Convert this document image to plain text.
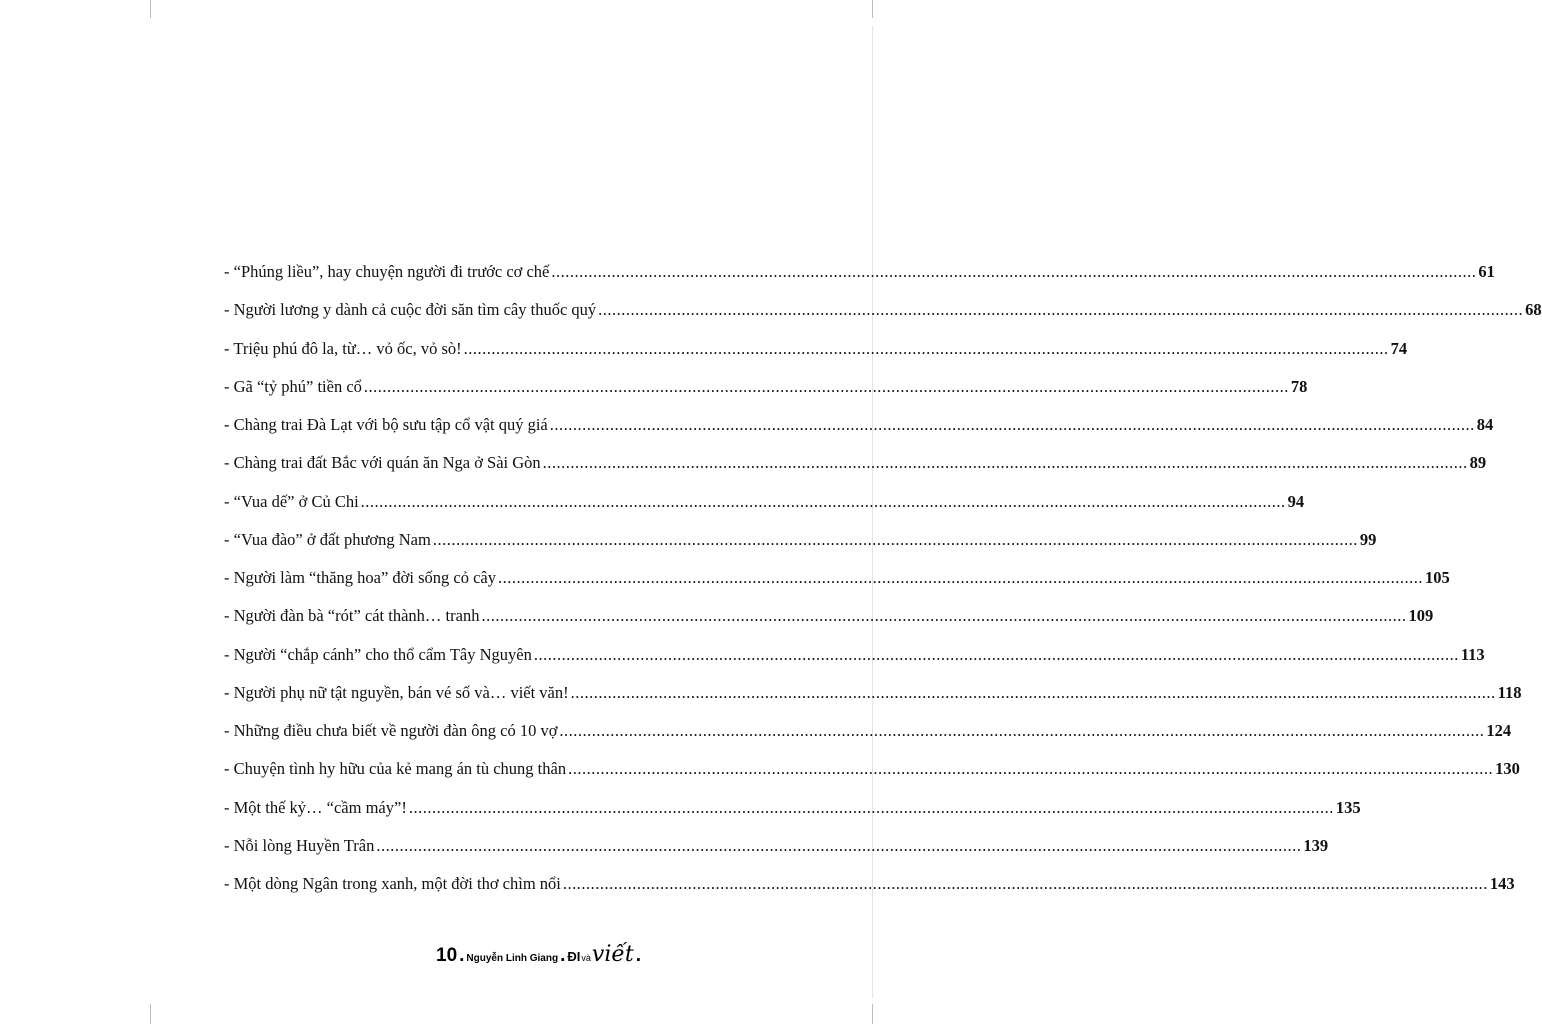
- “Phúng liều”, hay chuyện người đi trước cơ chế ........................................................................................................................................................................................................ 61
- Người lương y dành cả cuộc đời săn tìm cây thuốc quý ........................................................................................................................................................................................................ 68
- Triệu phú đô la, từ… vỏ ốc, vỏ sò! ........................................................................................................................................................................................................ 74
- Gã “tỷ phú” tiền cổ ........................................................................................................................................................................................................ 78
- Chàng trai Đà Lạt với bộ sưu tập cổ vật quý giá ........................................................................................................................................................................................................ 84
- Chàng trai đất Bắc với quán ăn Nga ở Sài Gòn ........................................................................................................................................................................................................ 89
- “Vua dế” ở Củ Chi ........................................................................................................................................................................................................ 94
- “Vua đào” ở đất phương Nam ........................................................................................................................................................................................................ 99
- Người làm “thăng hoa” đời sống cỏ cây ........................................................................................................................................................................................................ 105
- Người đàn bà “rót” cát thành… tranh ........................................................................................................................................................................................................ 109
- Người “chắp cánh” cho thổ cẩm Tây Nguyên ........................................................................................................................................................................................................ 113
- Người phụ nữ tật nguyền, bán vé số và… viết văn! ........................................................................................................................................................................................................ 118
- Những điều chưa biết về người đàn ông có 10 vợ ........................................................................................................................................................................................................ 124
- Chuyện tình hy hữu của kẻ mang án tù chung thân ........................................................................................................................................................................................................ 130
- Một thế kỷ… “cầm máy”! ........................................................................................................................................................................................................ 135
- Nỗi lòng Huyền Trân ........................................................................................................................................................................................................ 139
- Một dòng Ngân trong xanh, một đời thơ chìm nổi ........................................................................................................................................................................................................ 143
10 . Nguyễn Linh Giang . ĐI và viết .
